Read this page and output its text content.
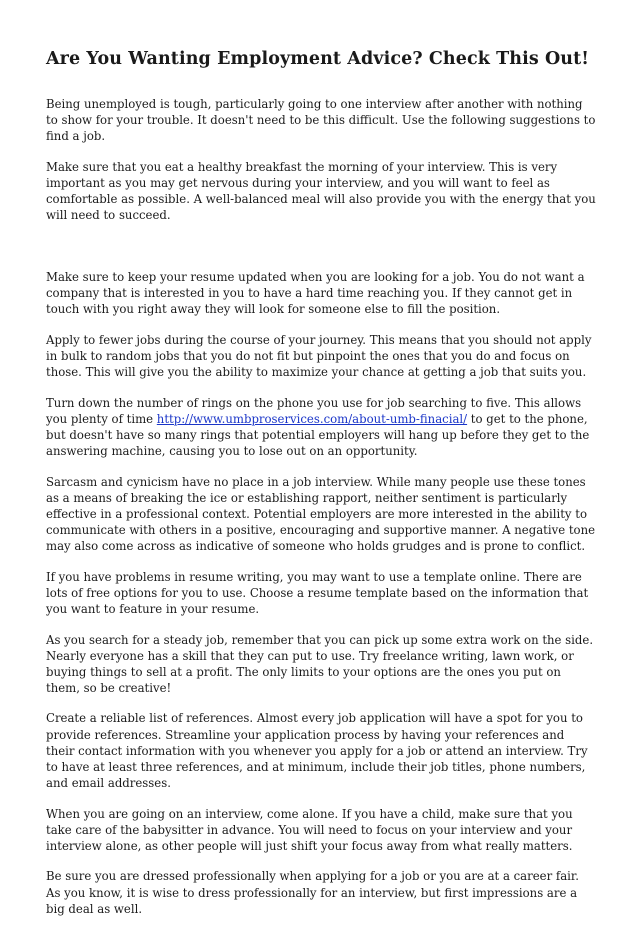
Are You Wanting Employment Advice? Check This Out!

Being unemployed is tough, particularly going to one interview after another with nothing to show for your trouble. It doesn't need to be this difficult. Use the following suggestions to find a job.

Make sure that you eat a healthy breakfast the morning of your interview. This is very important as you may get nervous during your interview, and you will want to feel as comfortable as possible. A well-balanced meal will also provide you with the energy that you will need to succeed.

Make sure to keep your resume updated when you are looking for a job. You do not want a company that is interested in you to have a hard time reaching you. If they cannot get in touch with you right away they will look for someone else to fill the position.

Apply to fewer jobs during the course of your journey. This means that you should not apply in bulk to random jobs that you do not fit but pinpoint the ones that you do and focus on those. This will give you the ability to maximize your chance at getting a job that suits you.

Turn down the number of rings on the phone you use for job searching to five. This allows you plenty of time http://www.umbproservices.com/about-umb-finacial/ to get to the phone, but doesn't have so many rings that potential employers will hang up before they get to the answering machine, causing you to lose out on an opportunity.

Sarcasm and cynicism have no place in a job interview. While many people use these tones as a means of breaking the ice or establishing rapport, neither sentiment is particularly effective in a professional context. Potential employers are more interested in the ability to communicate with others in a positive, encouraging and supportive manner. A negative tone may also come across as indicative of someone who holds grudges and is prone to conflict.

If you have problems in resume writing, you may want to use a template online. There are lots of free options for you to use. Choose a resume template based on the information that you want to feature in your resume.

As you search for a steady job, remember that you can pick up some extra work on the side. Nearly everyone has a skill that they can put to use. Try freelance writing, lawn work, or buying things to sell at a profit. The only limits to your options are the ones you put on them, so be creative!

Create a reliable list of references. Almost every job application will have a spot for you to provide references. Streamline your application process by having your references and their contact information with you whenever you apply for a job or attend an interview. Try to have at least three references, and at minimum, include their job titles, phone numbers, and email addresses.

When you are going on an interview, come alone. If you have a child, make sure that you take care of the babysitter in advance. You will need to focus on your interview and your interview alone, as other people will just shift your focus away from what really matters.

Be sure you are dressed professionally when applying for a job or you are at a career fair. As you know, it is wise to dress professionally for an interview, but first impressions are a big deal as well.
